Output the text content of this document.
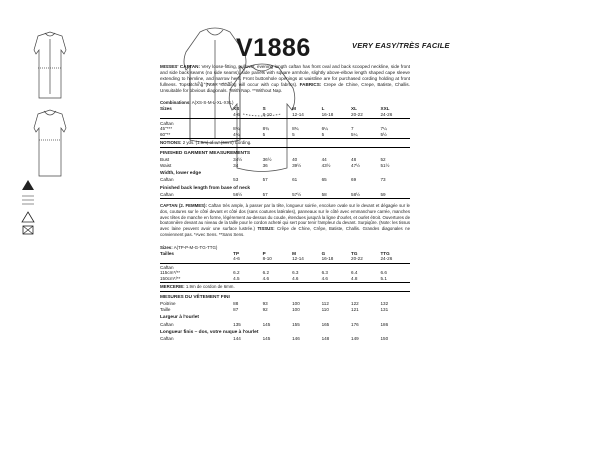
V1886	VERY EASY/TRÈS FACILE

MISSES' CAFTAN: Very loose-fitting, pullover, evening length caftan has front oval and back scooped neckline, side front and side back seams (no side seams), side panels with square armhole, slightly above-elbow length shaped cape sleeve extending to hemline, and narrow hem. Front buttonhole openings at waistline are for purchased cording holding at front fullness. Topstitching (Note: shading will occur with cup fabrics). FABRICS: Crepe de Chine, Crepe, Batiste, Challis. Unsuitable for obvious diagonals. *With Nap. **Without Nap.

Combinations: A(XS-S-M-L-XL-XXL)
Sizes	XS	S	M	L	XL	XXL
	4-6	8-10	12-14	16-18	20-22	24-26
Caftan						
45"***	8¾	8¾	8¾	6¼	7	7¼
60"**	4¾	5	5	5	5¼	5½
NOTIONS: 2 yds. (1.9m) of ¼" (6mm) Cording.
FINISHED GARMENT MEASUREMENTS
Bust	34½	36½	40	44	48	52
Waist	34	36	39½	43½	47½	51½
Width, lower edge
Caftan	53	57	61	65	69	73
Finished back length from base of neck
Caftan	56½	57	57½	58	58½	59

CAFTAN (2. FEMMES): Caftan très ample, à passer par la tête, longueur soirée, encolure ovale sur le devant et dégagée sur le dos, coutures sur le côté devant et côté dos (sans coutures latérales), panneaux sur le côté avec emmanchure carrée, manches avec têtes de manche en forme, légèrement au-dessus du coude, étendues jusqu'à la ligne d'ourlet, et ourlet étroit. Ouvertures de boutonnière devant au niveau de la taille pour le cordon acheté qui sert pour tenir l'ampleur du devant. Surpiqûre. (Note: les tissus avec laine peuvent avoir une surface lustrée.) TISSUS: Crêpe de Chine, Crêpe, Batiste, Challis. Grandes diagonales ne conviennent pas. *Avec Sens. **Sans Sens.

Sizes: A(TP-P-M-G-TG-TTG)
Tailles	TP	P	M	G	TG	TTG
	4-6	8-10	12-14	16-18	20-22	24-26
Caftan						
115cm*/**	6.2	6.2	6.3	6.3	6.4	6.6
150cm*/**	4.5	4.6	4.6	4.6	4.8	5.1
MERCERIE: 1.9m de cordon de 6mm.
MESURES DU VÊTEMENT FINI
Poitrine	88	93	100	112	122	132
Taille	87	92	100	110	121	131
Largeur à l'ourlet
Caftan	135	145	155	165	176	186
Longueur finis – dos, votre nuque à l'ourlet
Caftan	144	145	146	148	149	150
